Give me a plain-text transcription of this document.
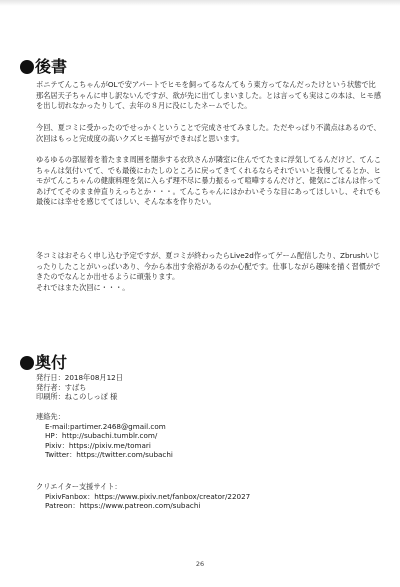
後書

ボニテてんこちゃんがOLで安アパートでヒモを飼ってるなんてもう東方ってなんだったけという状態で比那名居天子ちゃんに申し訳ないんですが、欲が先に出てしまいました。とは言っても実はこの本は、ヒモ感を出し切れなかったりして、去年の８月に没にしたネームでした。

今回、夏コミに受かったのでせっかくということで完成させてみました。ただやっぱり不満点はあるので、次回はもっと完成度の高いクズヒモ描写ができればと思います。

ゆるゆるの部屋着を着たまま周囲を闊歩する衣玖さんが隣室に住んでてたまに浮気してるんだけど、てんこちゃんは気付いてて、でも最後にわたしのところに戻ってきてくれるならそれでいいと我慢してるとか、ヒモがてんこちゃんの健康料理を気に入らず理不尽に暴力振るって喧嘩するんだけど、健気にごはんは作ってあげててそのまま仲直りえっちとか・・・。てんこちゃんにはかわいそうな目にあってほしいし、それでも最後には幸せを感じててほしい、そんな本を作りたい。

冬コミはおそらく申し込む予定ですが、夏コミが終わったらLive2d作ってゲーム配信したり、Zbrushいじったりしたことがいっぱいあり、今から本出す余裕があるのか心配です。仕事しながら趣味を描く習慣ができたのでなんとか出せるように頑張ります。

それではまた次回に・・・。

奥付
発行日：2018年08月12日
発行者：すばち
印刷所：ねこのしっぽ 様
連絡先：
E-mail:partimer.2468@gmail.com
HP：http://subachi.tumblr.com/
Pixiv：https://pixiv.me/tomari
Twitter：https://twitter.com/subachi
クリエイター支援サイト：
PixivFanbox：https://www.pixiv.net/fanbox/creator/22027
Patreon：https://www.patreon.com/subachi
26
